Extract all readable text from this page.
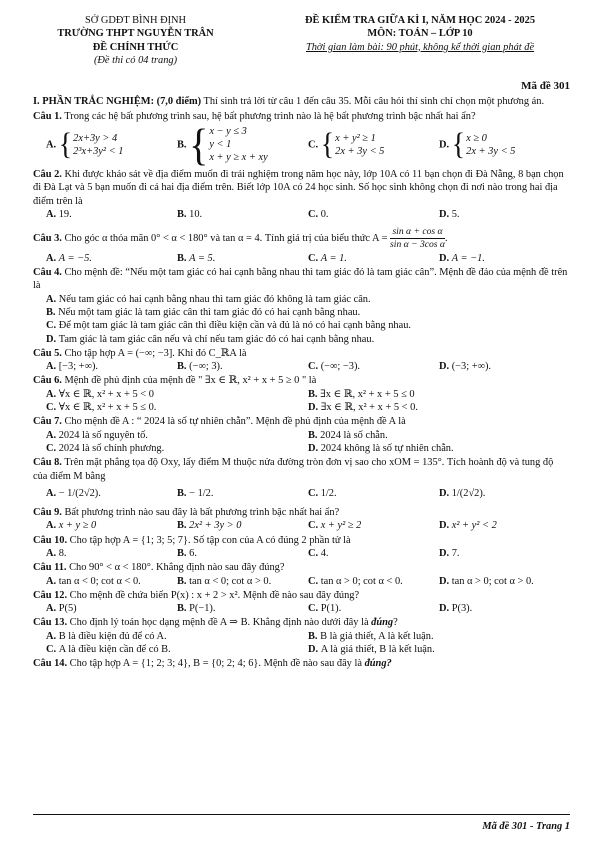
SỞ GDĐT BÌNH ĐỊNH
TRƯỜNG THPT NGUYỄN TRÂN
ĐỀ CHÍNH THỨC
(Đề thi có 04 trang)
ĐỀ KIỂM TRA GIỮA KÌ I, NĂM HỌC 2024 - 2025
MÔN: TOÁN – LỚP 10
Thời gian làm bài: 90 phút, không kể thời gian phát đề
Mã đề 301
I. PHẦN TRẮC NGHIỆM: (7,0 điểm) Thí sinh trả lời từ câu 1 đến câu 35. Mỗi câu hỏi thí sinh chỉ chọn một phương án.
Câu 1. Trong các hệ bất phương trình sau, hệ bất phương trình nào là hệ bất phương trình bậc nhất hai ẩn?
A. { 2x+3y > 4
2³x+3y² < 1
B. { x − y ≤ 3
y < 1
x + y ≥ x + xy
C. { x + y² ≥ 1
2x + 3y < 5
D. { x ≥ 0
2x + 3y < 5
Câu 2. Khi được khảo sát về địa điểm muốn đi trải nghiệm trong năm học này, lớp 10A có 11 bạn chọn đi Đà Nẵng, 8 bạn chọn đi Đà Lạt và 5 bạn muốn đi cả hai địa điểm trên. Biết lớp 10A có 24 học sinh. Số học sinh không chọn đi nơi nào trong hai địa điểm trên là
A. 19.	B. 10.	C. 0.	D. 5.
Câu 3. Cho góc α thỏa mãn 0° < α < 180° và tan α = 4. Tính giá trị của biểu thức $A = \frac{\text{sin α + cos α}}{\text{sin α − 3cos α}}$ .
A. A = −5.	B. A = 5.	C. A = 1.	D. A = −1.
Câu 4. Cho mệnh đề: “Nếu một tam giác có hai cạnh bằng nhau thì tam giác đó là tam giác cân”. Mệnh đề đảo của mệnh đề trên là
A. Nếu tam giác có hai cạnh bằng nhau thì tam giác đó không là tam giác cân.
B. Nếu một tam giác là tam giác cân thì tam giác đó có hai cạnh bằng nhau.
C. Để một tam giác là tam giác cân thì điều kiện cần và đủ là nó có hai cạnh bằng nhau.
D. Tam giác là tam giác cân nếu và chỉ nếu tam giác đó có hai cạnh bằng nhau.
Câu 5. Cho tập hợp A = (−∞; −3]. Khi đó C_ℝA là
A. [−3; +∞).	B. (−∞; 3).	C. (−∞; −3).	D. (−3; +∞).
Câu 6. Mệnh đề phủ định của mệnh đề " ∃x ∈ ℝ, x² + x + 5 ≥ 0 " là
A. ∀x ∈ ℝ, x² + x + 5 < 0	B. ∃x ∈ ℝ, x² + x + 5 ≤ 0
C. ∀x ∈ ℝ, x² + x + 5 ≤ 0.	D. ∃x ∈ ℝ, x² + x + 5 < 0.
Câu 7. Cho mệnh đề A : “ 2024 là số tự nhiên chẵn”. Mệnh đề phủ định của mệnh đề A là
A. 2024 là số nguyên tố.	B. 2024 là số chẵn.
C. 2024 là số chính phương.	D. 2024 không là số tự nhiên chẵn.
Câu 8. Trên mặt phẳng tọa độ Oxy, lấy điểm M thuộc nửa đường tròn đơn vị sao cho xOM = 135°. Tích hoành độ và tung độ của điểm M bằng
A. − 1/(2√2).	B. − 1/2.	C. 1/2.	D. 1/(2√2).
Câu 9. Bất phương trình nào sau đây là bất phương trình bậc nhất hai ẩn?
A. x + y ≥ 0	B. 2x² + 3y > 0	C. x + y² ≥ 2	D. x² + y² < 2
Câu 10. Cho tập hợp A = {1; 3; 5; 7}. Số tập con của A có đúng 2 phần tử là
A. 8.	B. 6.	C. 4.	D. 7.
Câu 11. Cho 90° < α < 180°. Khẳng định nào sau đây đúng?
A. tan α < 0; cot α < 0.	B. tan α < 0; cot α > 0.	C. tan α > 0; cot α < 0.	D. tan α > 0; cot α > 0.
Câu 12. Cho mệnh đề chứa biến P(x) : x + 2 > x². Mệnh đề nào sau đây đúng?
A. P(5)	B. P(−1).	C. P(1).	D. P(3).
Câu 13. Cho định lý toán học dạng mệnh đề A ⇒ B. Khẳng định nào dưới đây là đúng?
A. B là điều kiện đủ để có A.	B. B là giả thiết, A là kết luận.
C. A là điều kiện cần để có B.	D. A là giả thiết, B là kết luận.
Câu 14. Cho tập hợp A = {1; 2; 3; 4}, B = {0; 2; 4; 6}. Mệnh đề nào sau đây là đúng?
Mã đề 301 - Trang 1
